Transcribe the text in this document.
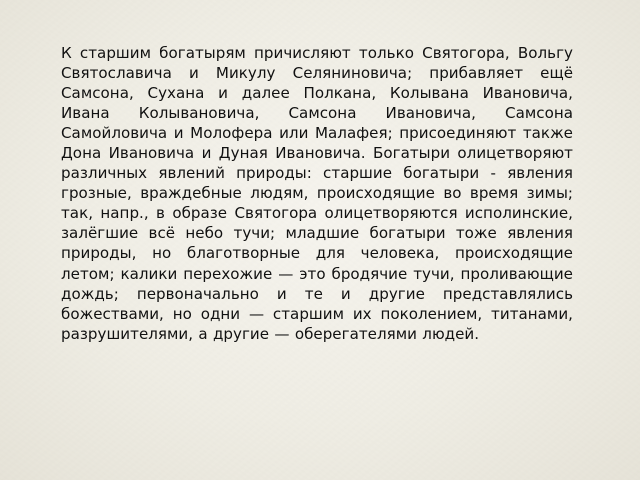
К старшим богатырям причисляют только Святогора, Вольгу Святославича и Микулу Селяниновича; прибавляет ещё Самсона, Сухана и далее Полкана, Колывана Ивановича, Ивана Колывановича, Самсона Ивановича, Самсона Самойловича и Молофера или Малафея; присоединяют также Дона Ивановича и Дуная Ивановича. Богатыри олицетворяют различных явлений природы: старшие богатыри - явления грозные, враждебные людям, происходящие во время зимы; так, напр., в образе Святогора олицетворяются исполинские, залёгшие всё небо тучи; младшие богатыри тоже явления природы, но благотворные для человека, происходящие летом; калики перехожие — это бродячие тучи, проливающие дождь; первоначально и те и другие представлялись божествами, но одни — старшим их поколением, титанами, разрушителями, а другие — оберегателями людей.
